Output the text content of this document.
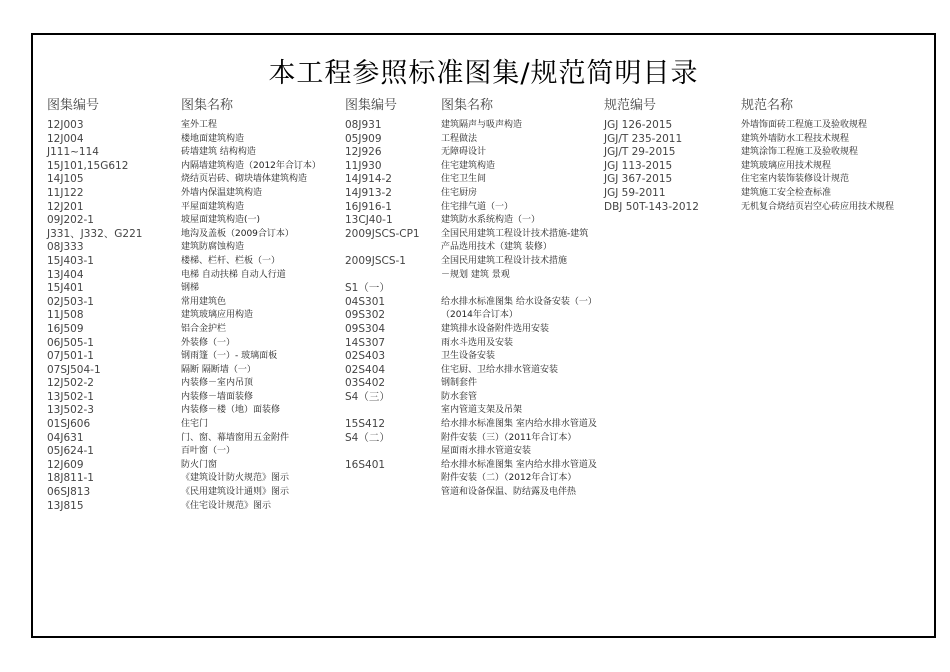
本工程参照标准图集/规范简明目录
图集编号
12J003
12J004
J111~114
15J101,15G612
14J105
11J122
12J201
09J202-1
J331、J332、G221
08J333
15J403-1
13J404
15J401
02J503-1
11J508
16J509
06J505-1
07J501-1
07SJ504-1
12J502-2
13J502-1
13J502-3
01SJ606
04J631
05J624-1
12J609
18J811-1
06SJ813
13J815
图集名称
室外工程
楼地面建筑构造
砖墙建筑 结构构造
内隔墙建筑构造（2012年合订本）
烧结页岩砖、砌块墙体建筑构造
外墙内保温建筑构造
平屋面建筑构造
坡屋面建筑构造(一)
地沟及盖板（2009合订本）
建筑防腐蚀构造
楼梯、栏杆、栏板（一）
电梯 自动扶梯 自动人行道
钢梯
常用建筑色
建筑玻璃应用构造
铝合金护栏
外装修（一）
钢雨篷（一）- 玻璃面板
隔断 隔断墙（一）
内装修－室内吊顶
内装修－墙面装修
内装修－楼（地）面装修
住宅门
门、窗、幕墙窗用五金附件
百叶窗（一）
防火门窗
《建筑设计防火规范》图示
《民用建筑设计通则》图示
《住宅设计规范》图示
图集编号
08J931
05J909
12J926
11J930
14J914-2
14J913-2
16J916-1
13CJ40-1
2009JSCS-CP1
2009JSCS-1
S1（一）
04S301
09S302
09S304
14S307
02S403
02S404
03S402
S4（三）
15S412
S4（二）
16S401
图集名称
建筑隔声与吸声构造
工程做法
无障碍设计
住宅建筑构造
住宅卫生间
住宅厨房
住宅排气道（一）
建筑防水系统构造（一）
全国民用建筑工程设计技术措施-建筑
产品选用技术（建筑 装修）
全国民用建筑工程设计技术措施
－规划 建筑 景观
给水排水标准图集 给水设备安装（一）
（2014年合订本）
建筑排水设备附件选用安装
雨水斗选用及安装
卫生设备安装
住宅厨、卫给水排水管道安装
钢制套件
防水套管
室内管道支架及吊架
给水排水标准图集 室内给水排水管道及
附件安装（三）（2011年合订本）
屋面雨水排水管道安装
给水排水标准图集 室内给水排水管道及
附件安装（二）（2012年合订本）
管道和设备保温、防结露及电伴热
规范编号
JGJ 126-2015
JGJ/T 235-2011
JGJ/T 29-2015
JGJ 113-2015
JGJ 367-2015
JGJ 59-2011
DBJ 50T-143-2012
规范名称
外墙饰面砖工程施工及验收规程
建筑外墙防水工程技术规程
建筑涂饰工程施工及验收规程
建筑玻璃应用技术规程
住宅室内装饰装修设计规范
建筑施工安全检查标准
无机复合烧结页岩空心砖应用技术规程
